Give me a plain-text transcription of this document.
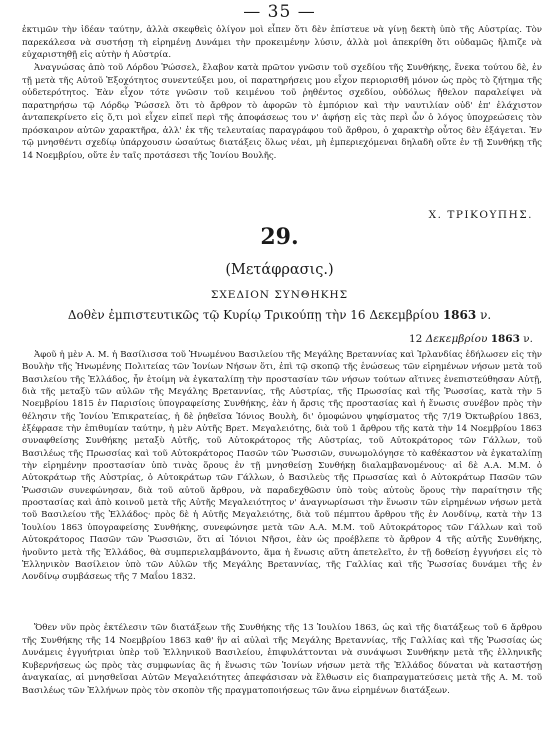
— 35 —
ἐκτιμῶν τὴν ἰδέαν ταύτην, ἀλλὰ σκεφθεὶς ὀλίγον μοὶ εἶπεν ὅτι δὲν ἐπίστευε νὰ γίνῃ δεκτὴ ὑπὸ τῆς Αὐστρίας. Τὸν παρεκάλεσα νὰ συστήσῃ τὴ εἰρημένῃ Δυνάμει τὴν προκειμένην λύσιν, ἀλλὰ μοὶ ἀπεκρίθη ὅτι οὐδαμῶς ἤλπιζε νὰ εὐχαριστηθῇ εἰς αὐτὴν ἡ Αὐστρία.
Ἀναγνώσας ἀπὸ τοῦ Λόρδου Ῥώσσελ, ἔλαβον κατὰ πρῶτον γνῶσιν τοῦ σχεδίου τῆς Συνθήκης, ἕνεκα τούτου δὲ, ἐν τῇ μετὰ τῆς Αὐτοῦ Ἐξοχότητος συνεντεύξει μου, οἱ παρατηρήσεις μου εἶχον περιορισθῆ μόνον ὡς πρὸς τὸ ζήτημα τῆς οὐδετερότητος. Ἐὰν εἶχον τότε γνῶσιν τοῦ κειμένου τοῦ ῥηθέντος σχεδίου, οὐδόλως ἤθελον παραλείψει νὰ παρατηρήσω τῷ Λόρδῳ Ῥώσσελ ὅτι τὸ ἄρθρον τὸ ἀφορῶν τὸ ἐμπόριον καὶ τὴν ναυτιλίαν οὐδ' ἐπ' ἐλάχιστον ἀνταπεκρίνετο εἰς ὅ,τι μοὶ εἶχεν εἰπεῖ περὶ τῆς ἀποφάσεως του ν' ἀφήσῃ εἰς τὰς περὶ ὧν ὁ λόγος ὑποχρεώσεις τὸν πρόσκαιρον αὐτῶν χαρακτῆρα, ἀλλ' ἐκ τῆς τελευταίας παραγράφου τοῦ ἄρθρου, ὁ χαρακτὴρ οὗτος δὲν ἐξάγεται. Ἐν τῷ μνησθέντι σχεδίῳ ὑπάρχουσιν ὡσαύτως διατάξεις ὅλως νέαι, μὴ ἐμπεριεχόμεναι δηλαδὴ οὔτε ἐν τῇ Συνθήκῃ τῆς 14 Νοεμβρίου, οὔτε ἐν ταῖς προτάσεσι τῆς Ἰονίου Βουλῆς.
Χ. ΤΡΙΚΟΥΠΗΣ.
29.
(Μετάφρασις.)
ΣΧΕΔΙΟΝ ΣΥΝΘΗΚΗΣ
Δοθὲν ἐμπιστευτικῶς τῷ Κυρίῳ Τρικούπῃ τὴν 16 Δεκεμβρίου 1863 ν.
12 Δεκεμβρίου 1863 ν.
Ἀφοῦ ἡ μὲν Α. Μ. ἡ Βασίλισσα τοῦ Ἡνωμένου Βασιλείου τῆς Μεγάλης Βρεταννίας καὶ Ἰρλανδίας ἐδήλωσεν εἰς τὴν Βουλὴν τῆς Ἡνωμένης Πολιτείας τῶν Ἰονίων Νήσων ὅτι, ἐπὶ τῷ σκοπῷ τῆς ἑνώσεως τῶν εἰρημένων νήσων μετὰ τοῦ Βασιλείου τῆς Ἑλλάδος, ἦν ἑτοίμη νὰ ἐγκαταλίπῃ τὴν προστασίαν τῶν νήσων τούτων αἵτινες ἐνεπιστεύθησαν Αὐτῇ, διὰ τῆς μεταξὺ τῶν αὐλῶν τῆς Μεγάλης Βρεταννίας, τῆς Αὐστρίας, τῆς Πρωσσίας καὶ τῆς Ῥωσσίας, κατὰ τὴν 5 Νοεμβρίου 1815 ἐν Παρισίοις ὑπογραφείσης Συνθήκης, ἐὰν ἡ ἄρσις τῆς προστασίας καὶ ἡ ἕνωσις συνέβον πρὸς τὴν θέλησιν τῆς Ἰονίου Ἐπικρατείας, ἡ δὲ ῥηθεῖσα Ἰόνιος Βουλὴ, δι' ὁμοφώνου ψηφίσματος τῆς 7/19 Ὀκτωβρίου 1863, ἐξέφρασε τὴν ἐπιθυμίαν ταύτην, ἡ μὲν Αὐτῆς Βρετ. Μεγαλειότης, διὰ τοῦ 1 ἄρθρου τῆς κατὰ τὴν 14 Νοεμβρίου 1863 συναφθείσης Συνθήκης μεταξὺ Αὐτῆς, τοῦ Αὐτοκράτορος τῆς Αὐστρίας, τοῦ Αὐτοκράτορος τῶν Γάλλων, τοῦ Βασιλέως τῆς Πρωσσίας καὶ τοῦ Αὐτοκράτορος Πασῶν τῶν Ῥωσσιῶν, συνωμολόγησε τὸ καθέκαστον νὰ ἐγκαταλίπῃ τὴν εἰρημένην προστασίαν ὑπὸ τινὰς ὅρους ἐν τῇ μνησθείσῃ Συνθήκῃ διαλαμβανομένους· αἱ δὲ Α.Α. Μ.Μ. ὁ Αὐτοκράτωρ τῆς Αὐστρίας, ὁ Αὐτοκράτωρ τῶν Γάλλων, ὁ Βασιλεὺς τῆς Πρωσσίας καὶ ὁ Αὐτοκράτωρ Πασῶν τῶν Ῥωσσιῶν συνεφώνησαν, διὰ τοῦ αὐτοῦ ἄρθρου, νὰ παραδεχθῶσιν ὑπὸ τοὺς αὐτοὺς ὅρους τὴν παραίτησιν τῆς προστασίας καὶ ἀπὸ κοινοῦ μετὰ τῆς Αὐτῆς Μεγαλειότητος ν' ἀναγνωρίσωσι τὴν ἕνωσιν τῶν εἰρημένων νήσων μετὰ τοῦ Βασιλείου τῆς Ἑλλάδος· πρὸς δὲ ἡ Αὐτῆς Μεγαλειότης, διὰ τοῦ πέμπτου ἄρθρου τῆς ἐν Λονδίνῳ, κατὰ τὴν 13 Ἰουλίου 1863 ὑπογραφείσης Συνθήκης, συνεφώνησε μετὰ τῶν Α.Α. Μ.Μ. τοῦ Αὐτοκράτορος τῶν Γάλλων καὶ τοῦ Αὐτοκράτορος Πασῶν τῶν Ῥωσσιῶν, ὅτι αἱ Ἰόνιοι Νῆσοι, ἐὰν ὡς προέβλεπε τὸ ἄρθρον 4 τῆς αὐτῆς Συνθήκης, ἡνοῦντο μετὰ τῆς Ἑλλάδος, θὰ συμπεριελαμβάνοντο, ἅμα ἡ ἕνωσις αὕτη ἀπετελεῖτο, ἐν τῇ δοθείσῃ ἐγγυήσει εἰς τὸ Ἑλληνικὸν Βασίλειον ὑπὸ τῶν Αὐλῶν τῆς Μεγάλης Βρεταννίας, τῆς Γαλλίας καὶ τῆς Ῥωσσίας δυνάμει τῆς ἐν Λονδίνῳ συμβάσεως τῆς 7 Μαΐου 1832.
Ὅθεν νῦν πρὸς ἐκτέλεσιν τῶν διατάξεων τῆς Συνθήκης τῆς 13 Ἰουλίου 1863, ὡς καὶ τῆς διατάξεως τοῦ 6 ἄρθρου τῆς Συνθήκης τῆς 14 Νοεμβρίου 1863 καθ' ἣν αἱ αὐλαὶ τῆς Μεγάλης Βρεταννίας, τῆς Γαλλίας καὶ τῆς Ῥωσσίας ὡς Δυνάμεις ἐγγυήτριαι ὑπὲρ τοῦ Ἑλληνικοῦ Βασιλείου, ἐπιφυλάττονται νὰ συνάψωσι Συνθήκην μετὰ τῆς ἑλληνικῆς Κυβερνήσεως ὡς πρὸς τὰς συμφωνίας ἃς ἡ ἕνωσις τῶν Ἰονίων νήσων μετὰ τῆς Ἑλλάδος δύναται νὰ καταστήσῃ ἀναγκαίας, αἱ μνησθεῖσαι Αὐτῶν Μεγαλειότητες ἀπεφάσισαν νὰ ἔλθωσιν εἰς διαπραγματεύσεις μετὰ τῆς Α. Μ. τοῦ Βασιλέως τῶν Ἑλλήνων πρὸς τὸν σκοπὸν τῆς πραγματοποιήσεως τῶν ἄνω εἰρημένων διατάξεων.
